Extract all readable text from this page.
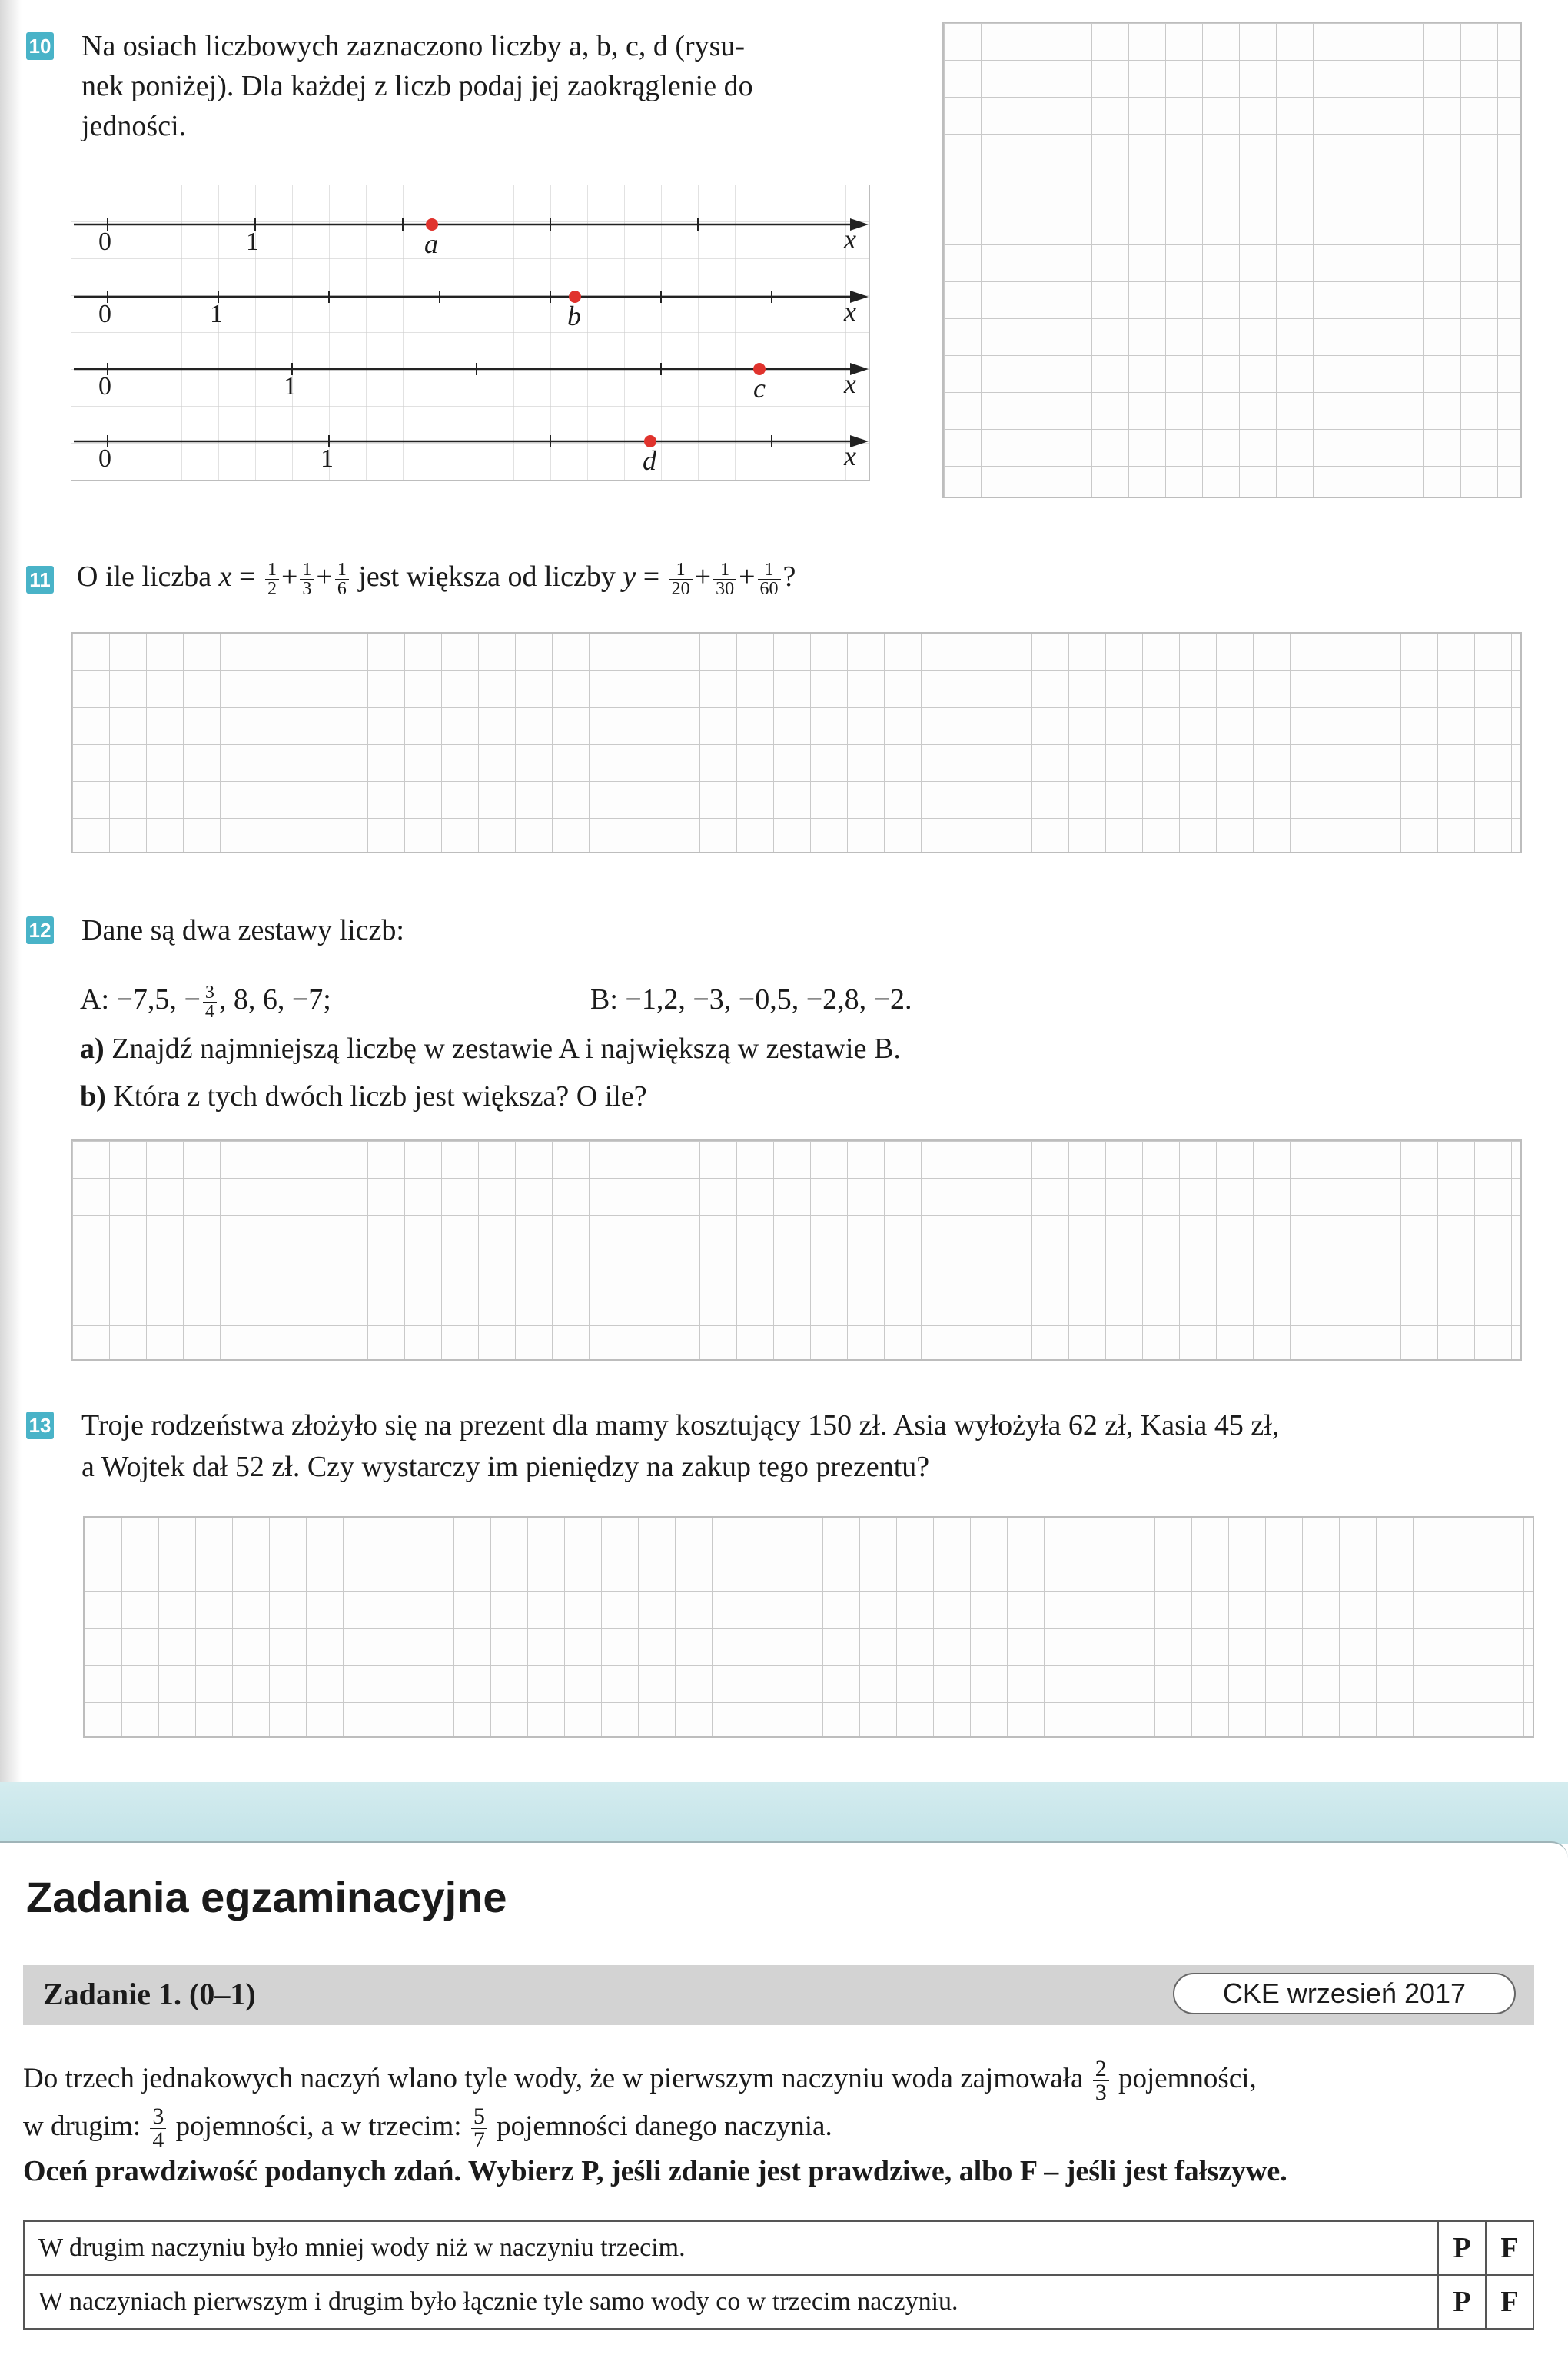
10 Na osiach liczbowych zaznaczono liczby a, b, c, d (rysu-
nek poniżej). Dla każdej z liczb podaj jej zaokrąglenie do
jedności.
0	1	a	x
0	1	b	x
0	1	c	x
0	1	d	x
11 O ile liczba $x = \frac{1}{2} + \frac{1}{3} + \frac{1}{6}$ jest większa od liczby $y = \frac{1}{20} + \frac{1}{30} + \frac{1}{60}$ ?
12 Dane są dwa zestawy liczb:
A: −7,5, − $\frac{3}{4}$ , 8, 6, −7;	B: −1,2, −3, −0,5, −2,8, −2.
a) Znajdź najmniejszą liczbę w zestawie A i największą w zestawie B.
b) Która z tych dwóch liczb jest większa? O ile?
13 Troje rodzeństwa złożyło się na prezent dla mamy kosztujący 150 zł. Asia wyłożyła 62 zł, Kasia 45 zł,
a Wojtek dał 52 zł. Czy wystarczy im pieniędzy na zakup tego prezentu?
Zadania egzaminacyjne
Zadanie 1. (0–1)	CKE wrzesień 2017
Do trzech jednakowych naczyń wlano tyle wody, że w pierwszym naczyniu woda zajmowała $\frac{2}{3}$ pojemności,
w drugim: $\frac{3}{4}$ pojemności, a w trzecim: $\frac{5}{7}$ pojemności danego naczynia.
Oceń prawdziwość podanych zdań. Wybierz P, jeśli zdanie jest prawdziwe, albo F – jeśli jest fałszywe.
W drugim naczyniu było mniej wody niż w naczyniu trzecim.	P	F
W naczyniach pierwszym i drugim było łącznie tyle samo wody co w trzecim naczyniu.	P	F
